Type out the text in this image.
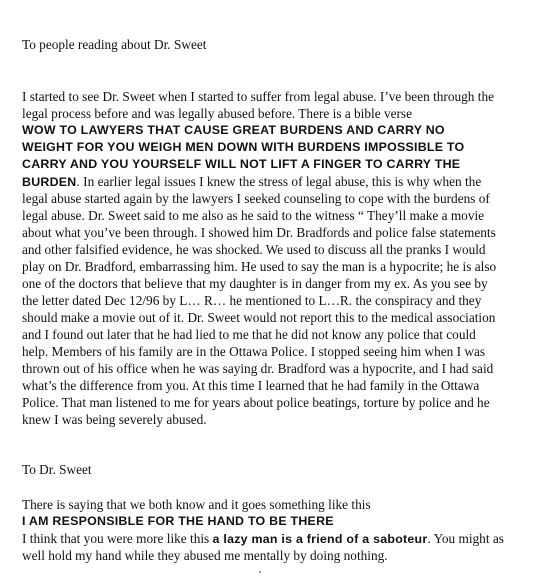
To people reading about Dr. Sweet
I started to see Dr. Sweet when I started to suffer from legal abuse. I’ve been through the
legal process before and was legally abused before. There is a bible verse
WOW TO LAWYERS THAT CAUSE GREAT BURDENS AND CARRY NO
WEIGHT FOR YOU WEIGH MEN DOWN WITH BURDENS IMPOSSIBLE TO
CARRY AND YOU YOURSELF WILL NOT LIFT A FINGER TO CARRY THE
BURDEN. In earlier legal issues I knew the stress of legal abuse, this is why when the
legal abuse started again by the lawyers I seeked counseling to cope with the burdens of
legal abuse. Dr. Sweet said to me also as he said to the witness “ They’ll make a movie
about what you’ve been through. I showed him Dr. Bradfords and police false statements
and other falsified evidence, he was shocked. We used to discuss all the pranks I would
play on Dr. Bradford, embarrassing him. He used to say the man is a hypocrite; he is also
one of the doctors that believe that my daughter is in danger from my ex. As you see by
the letter dated Dec 12/96 by L… R… he mentioned to L…R. the conspiracy and they
should make a movie out of it. Dr. Sweet would not report this to the medical association
and I found out later that he had lied to me that he did not know any police that could
help. Members of his family are in the Ottawa Police. I stopped seeing him when I was
thrown out of his office when he was saying dr. Bradford was a hypocrite, and I had said
what’s the difference from you. At this time I learned that he had family in the Ottawa
Police. That man listened to me for years about police beatings, torture by police and he
knew I was being severely abused.
To Dr. Sweet
There is saying that we both know and it goes something like this
I AM RESPONSIBLE FOR THE HAND TO BE THERE
I think that you were more like this a lazy man is a friend of a saboteur. You might as
well hold my hand while they abused me mentally by doing nothing.
